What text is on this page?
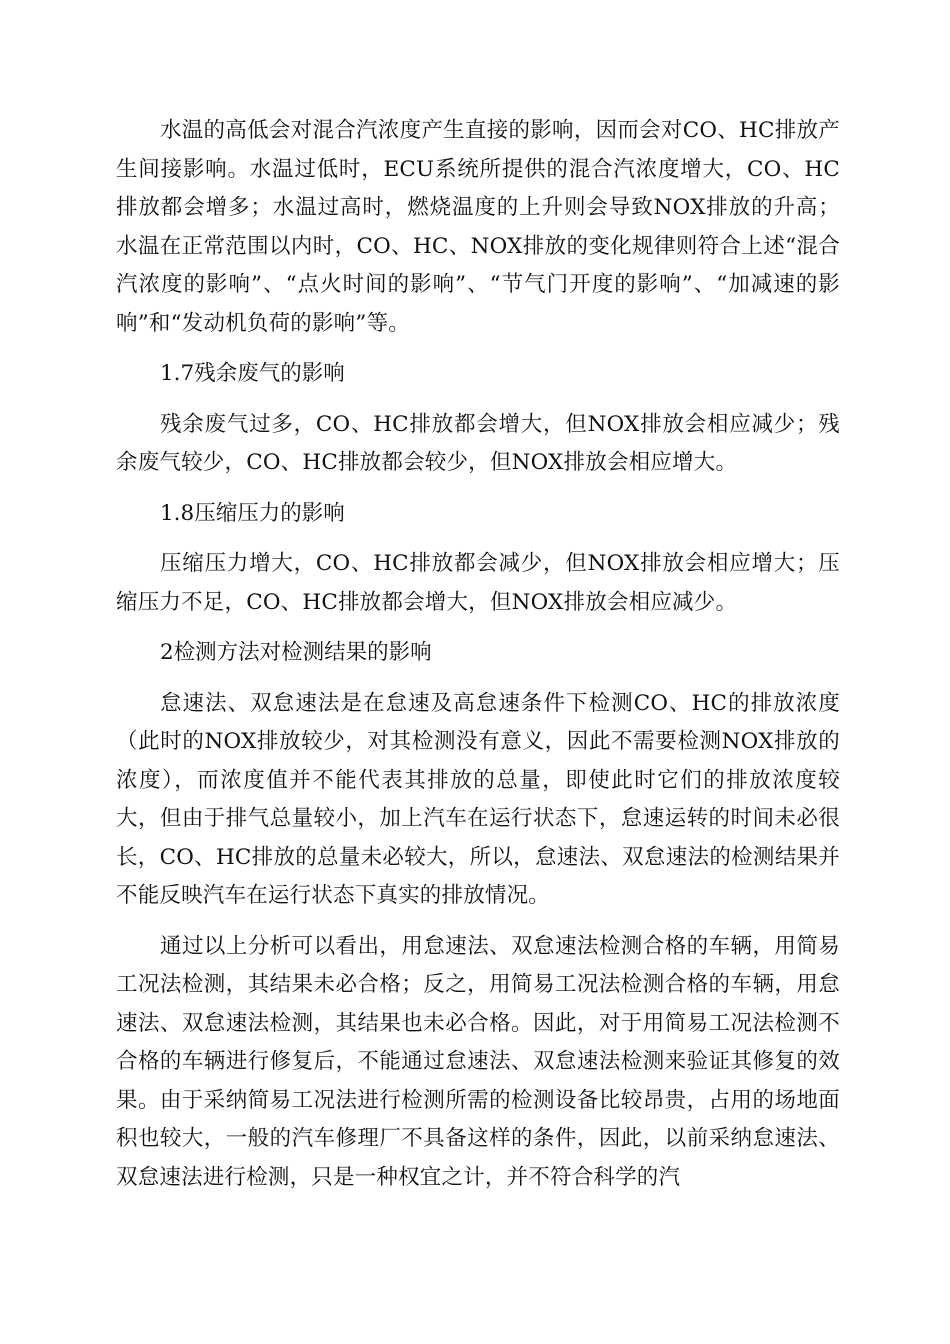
水温的高低会对混合汽浓度产生直接的影响，因而会对CO、HC排放产生间接影响。水温过低时，ECU系统所提供的混合汽浓度增大，CO、HC排放都会增多；水温过高时，燃烧温度的上升则会导致NOX排放的升高；水温在正常范围以内时，CO、HC、NOX排放的变化规律则符合上述“混合汽浓度的影响”、“点火时间的影响”、“节气门开度的影响”、“加减速的影响”和“发动机负荷的影响”等。

1.7残余废气的影响

残余废气过多，CO、HC排放都会增大，但NOX排放会相应减少；残余废气较少，CO、HC排放都会较少，但NOX排放会相应增大。

1.8压缩压力的影响

压缩压力增大，CO、HC排放都会减少，但NOX排放会相应增大；压缩压力不足，CO、HC排放都会增大，但NOX排放会相应减少。

2检测方法对检测结果的影响

怠速法、双怠速法是在怠速及高怠速条件下检测CO、HC的排放浓度（此时的NOX排放较少，对其检测没有意义，因此不需要检测NOX排放的浓度），而浓度值并不能代表其排放的总量，即使此时它们的排放浓度较大，但由于排气总量较小，加上汽车在运行状态下，怠速运转的时间未必很长，CO、HC排放的总量未必较大，所以，怠速法、双怠速法的检测结果并不能反映汽车在运行状态下真实的排放情况。

通过以上分析可以看出，用怠速法、双怠速法检测合格的车辆，用简易工况法检测，其结果未必合格；反之，用简易工况法检测合格的车辆，用怠速法、双怠速法检测，其结果也未必合格。因此，对于用简易工况法检测不合格的车辆进行修复后，不能通过怠速法、双怠速法检测来验证其修复的效果。由于采纳简易工况法进行检测所需的检测设备比较昂贵，占用的场地面积也较大，一般的汽车修理厂不具备这样的条件，因此，以前采纳怠速法、双怠速法进行检测，只是一种权宜之计，并不符合科学的汽
